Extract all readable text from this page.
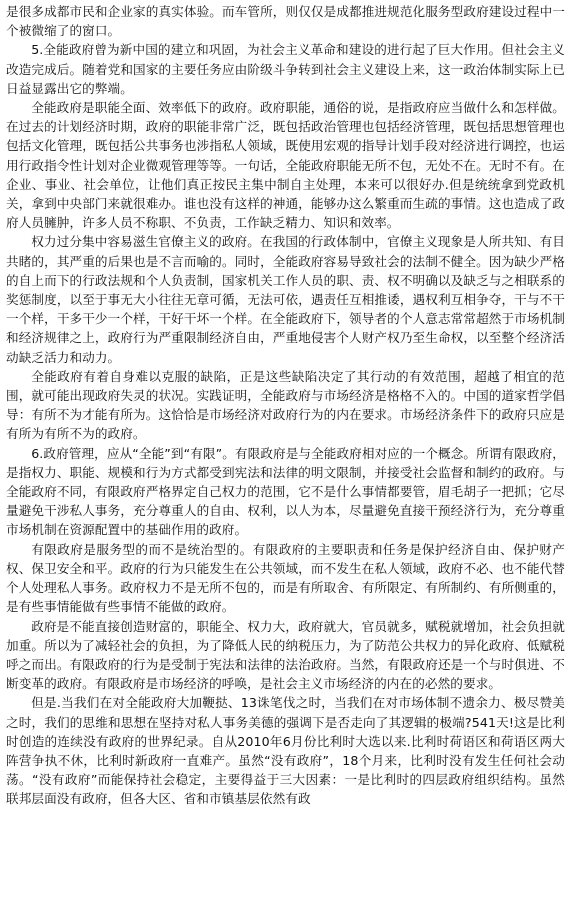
是很多成都市民和企业家的真实体验。而车管所，则仅仅是成都推进规范化服务型政府建设过程中一个被微缩了的窗口。

5.全能政府曾为新中国的建立和巩固，为社会主义革命和建设的进行起了巨大作用。但社会主义改造完成后。随着党和国家的主要任务应由阶级斗争转到社会主义建设上来，这一政治体制实际上已日益显露出它的弊端。

全能政府是职能全面、效率低下的政府。政府职能，通俗的说，是指政府应当做什么和怎样做。在过去的计划经济时期，政府的职能非常广泛，既包括政治管理也包括经济管理，既包括思想管理也包括文化管理，既包括公共事务也涉指私人领域，既使用宏观的指导计划手段对经济进行调控，也运用行政指令性计划对企业微观管理等等。一句话，全能政府职能无所不包，无处不在。无时不有。在企业、事业、社会单位，让他们真正按民主集中制自主处理，本来可以很好办.但是统统拿到党政机关，拿到中央部门来就很难办。谁也没有这样的神通，能够办这么繁重而生疏的事情。这也造成了政府人员臃肿，许多人员不称职、不负责，工作缺乏精力、知识和效率。

权力过分集中容易滋生官僚主义的政府。在我国的行政体制中，官僚主义现象是人所共知、有目共睹的，其严重的后果也是不言而喻的。同时，全能政府容易导致社会的法制不健全。因为缺少严格的自上而下的行政法规和个人负责制，国家机关工作人员的职、责、权不明确以及缺乏与之相联系的奖惩制度，以至于事无大小往往无章可循，无法可依，遇责任互相推诿，遇权利互相争夺，干与不干一个样，干多干少一个样，干好干坏一个样。在全能政府下，领导者的个人意志常常超然于市场机制和经济规律之上，政府行为严重限制经济自由，严重地侵害个人财产权乃至生命权，以至整个经济活动缺乏活力和动力。

全能政府有着自身难以克服的缺陷，正是这些缺陷决定了其行动的有效范围，超越了相宜的范围，就可能出现政府失灵的状况。实践证明，全能政府与市场经济是格格不入的。中国的道家哲学倡导：有所不为才能有所为。这恰恰是市场经济对政府行为的内在要求。市场经济条件下的政府只应是有所为有所不为的政府。

6.政府管理，应从“全能”到“有限”。有限政府是与全能政府相对应的一个概念。所谓有限政府，是指权力、职能、规模和行为方式都受到宪法和法律的明文限制，并接受社会监督和制约的政府。与全能政府不同，有限政府严格界定自己权力的范围，它不是什么事情都要管，眉毛胡子一把抓；它尽量避免干涉私人事务，充分尊重人的自由、权利，以人为本，尽量避免直接干预经济行为，充分尊重市场机制在资源配置中的基础作用的政府。

有限政府是服务型的而不是统治型的。有限政府的主要职责和任务是保护经济自由、保护财产权、保卫安全和平。政府的行为只能发生在公共领域，而不发生在私人领域，政府不必、也不能代替个人处理私人事务。政府权力不是无所不包的，而是有所取舍、有所限定、有所制约、有所侧重的，是有些事情能做有些事情不能做的政府。

政府是不能直接创造财富的，职能全、权力大，政府就大，官员就多，赋税就增加，社会负担就加重。所以为了减轻社会的负担，为了降低人民的纳税压力，为了防范公共权力的异化政府、低赋税呼之而出。有限政府的行为是受制于宪法和法律的法治政府。当然，有限政府还是一个与时俱进、不断变革的政府。有限政府是市场经济的呼唤，是社会主义市场经济的内在的必然的要求。

但是.当我们在对全能政府大加鞭挞、13诛笔伐之时，当我们在对市场体制不遗余力、极尽赞美之时，我们的思维和思想在坚持对私人事务美德的强调下是否走向了其逻辑的极端?541天!这是比利时创造的连续没有政府的世界纪录。自从2010年6月份比利时大选以来.比利时荷语区和荷语区两大阵营争执不休，比利时新政府一直难产。虽然“没有政府”，18个月来，比利时没有发生任何社会动荡。“没有政府”而能保持社会稳定，主要得益于三大因素：一是比利时的四层政府组织结构。虽然联邦层面没有政府，但各大区、省和市镇基层依然有政
